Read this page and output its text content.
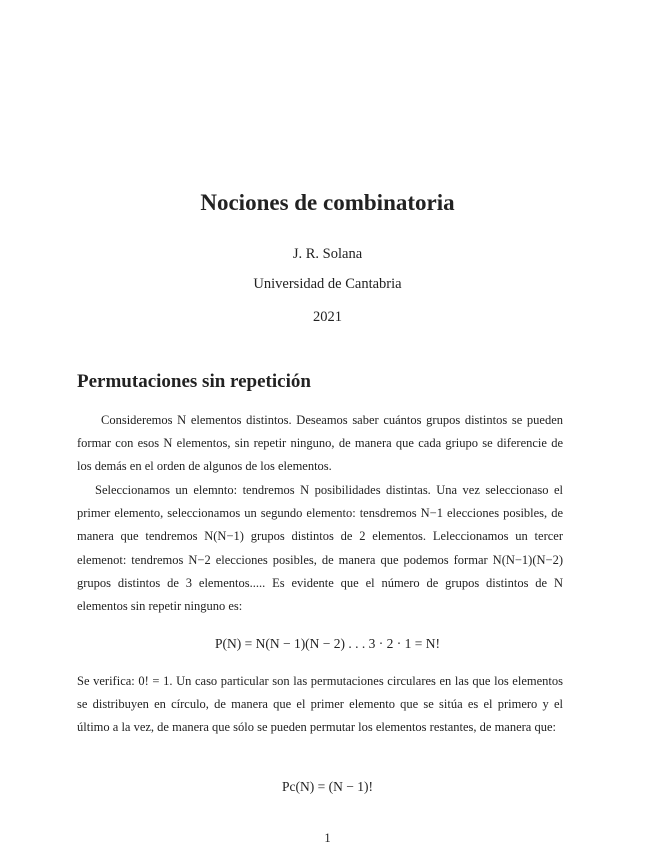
Nociones de combinatoria
J. R. Solana
Universidad de Cantabria
2021
Permutaciones sin repetición
Consideremos N elementos distintos. Deseamos saber cuántos grupos distintos se pueden formar con esos N elementos, sin repetir ninguno, de manera que cada griupo se diferencie de los demás en el orden de algunos de los elementos.
Seleccionamos un elemnto: tendremos N posibilidades distintas. Una vez seleccionaso el primer elemento, seleccionamos un segundo elemento: tensdremos N−1 elecciones posibles, de manera que tendremos N(N−1) grupos distintos de 2 elementos. Leleccionamos un tercer elemenot: tendremos N−2 elecciones posibles, de manera que podemos formar N(N−1)(N−2) grupos distintos de 3 elementos..... Es evidente que el número de grupos distintos de N elementos sin repetir ninguno es:
P(N) = N(N − 1)(N − 2) . . . 3 · 2 · 1 = N!
Se verifica: 0! = 1. Un caso particular son las permutaciones circulares en las que los elementos se distribuyen en círculo, de manera que el primer elemento que se sitúa es el primero y el último a la vez, de manera que sólo se pueden permutar los elementos restantes, de manera que:
Pc(N) = (N − 1)!
1
